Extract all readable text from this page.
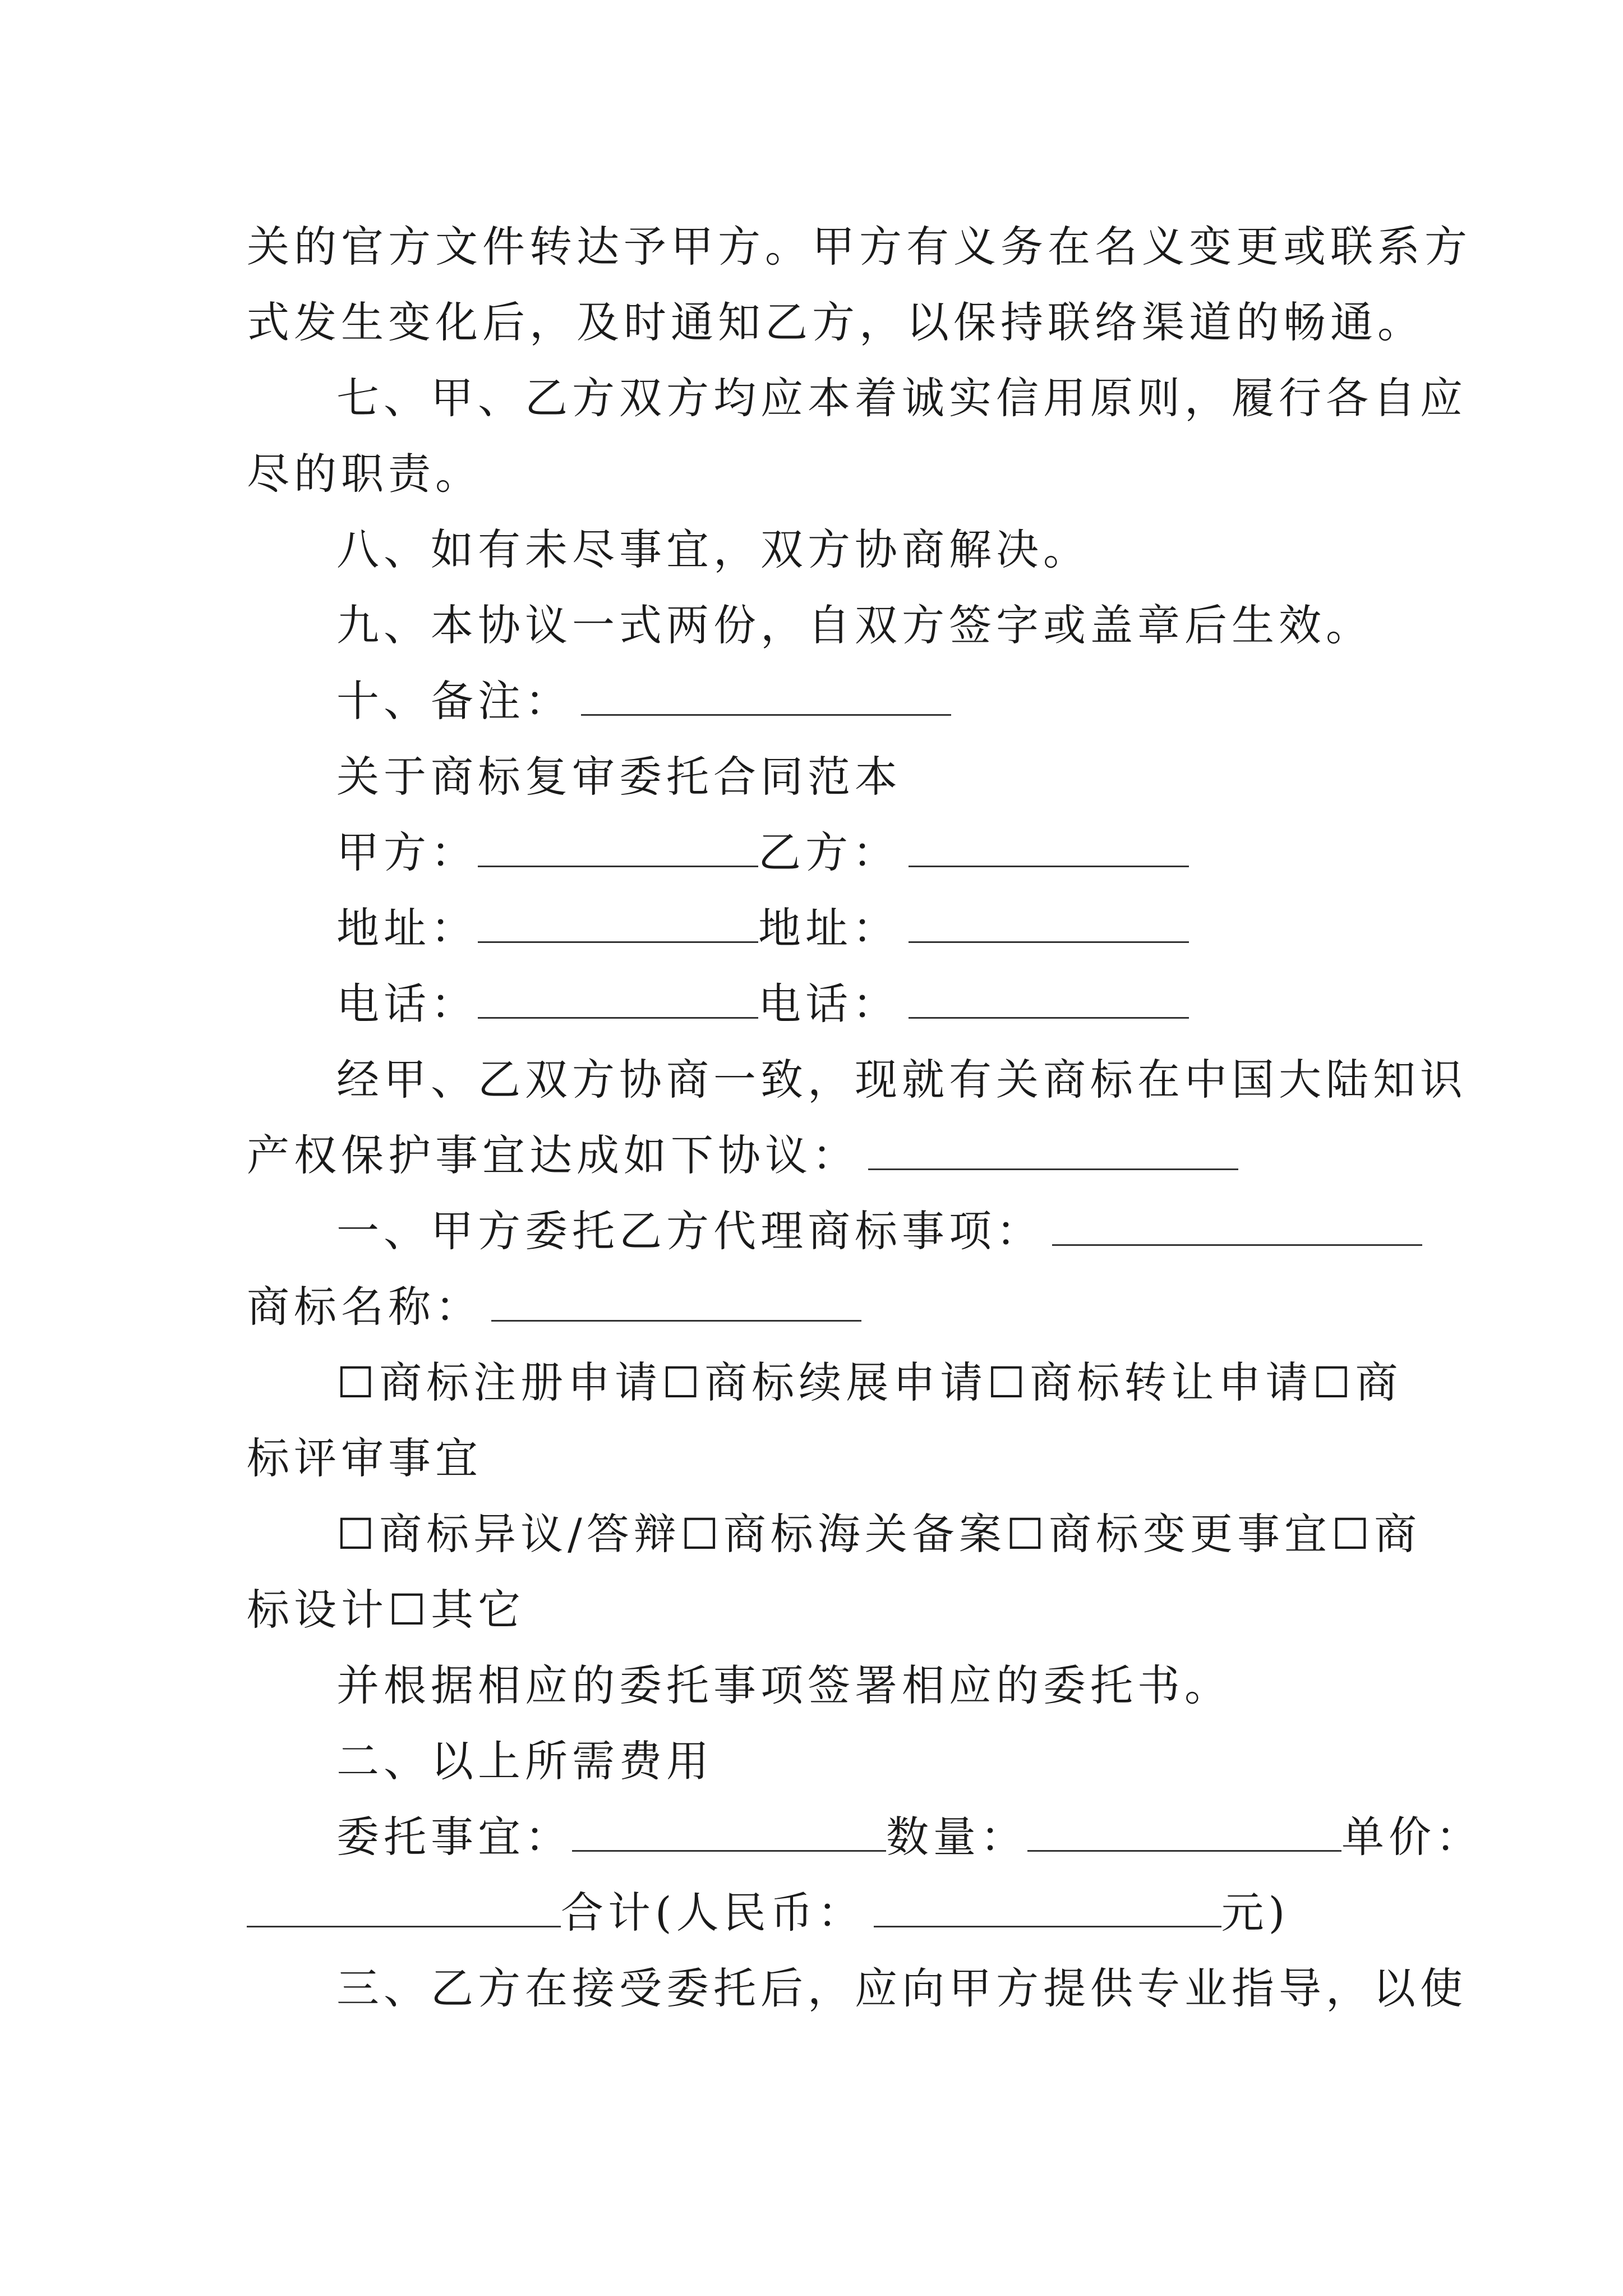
关的官方文件转达予甲方。甲方有义务在名义变更或联系方
式发生变化后，及时通知乙方，以保持联络渠道的畅通。
七、甲、乙方双方均应本着诚实信用原则，履行各自应
尽的职责。
八、如有未尽事宜，双方协商解决。
九、本协议一式两份，自双方签字或盖章后生效。
十、备注：
关于商标复审委托合同范本
甲方：	乙方：
地址：	地址：
电话：	电话：
经甲、乙双方协商一致，现就有关商标在中国大陆知识
产权保护事宜达成如下协议：
一、甲方委托乙方代理商标事项：
商标名称：
☐商标注册申请☐商标续展申请☐商标转让申请☐商
标评审事宜
☐商标异议/答辩☐商标海关备案☐商标变更事宜☐商
标设计☐其它
并根据相应的委托事项签署相应的委托书。
二、以上所需费用
委托事宜：	数量：	单价：
合计(人民币：	元)
三、乙方在接受委托后，应向甲方提供专业指导，以使
